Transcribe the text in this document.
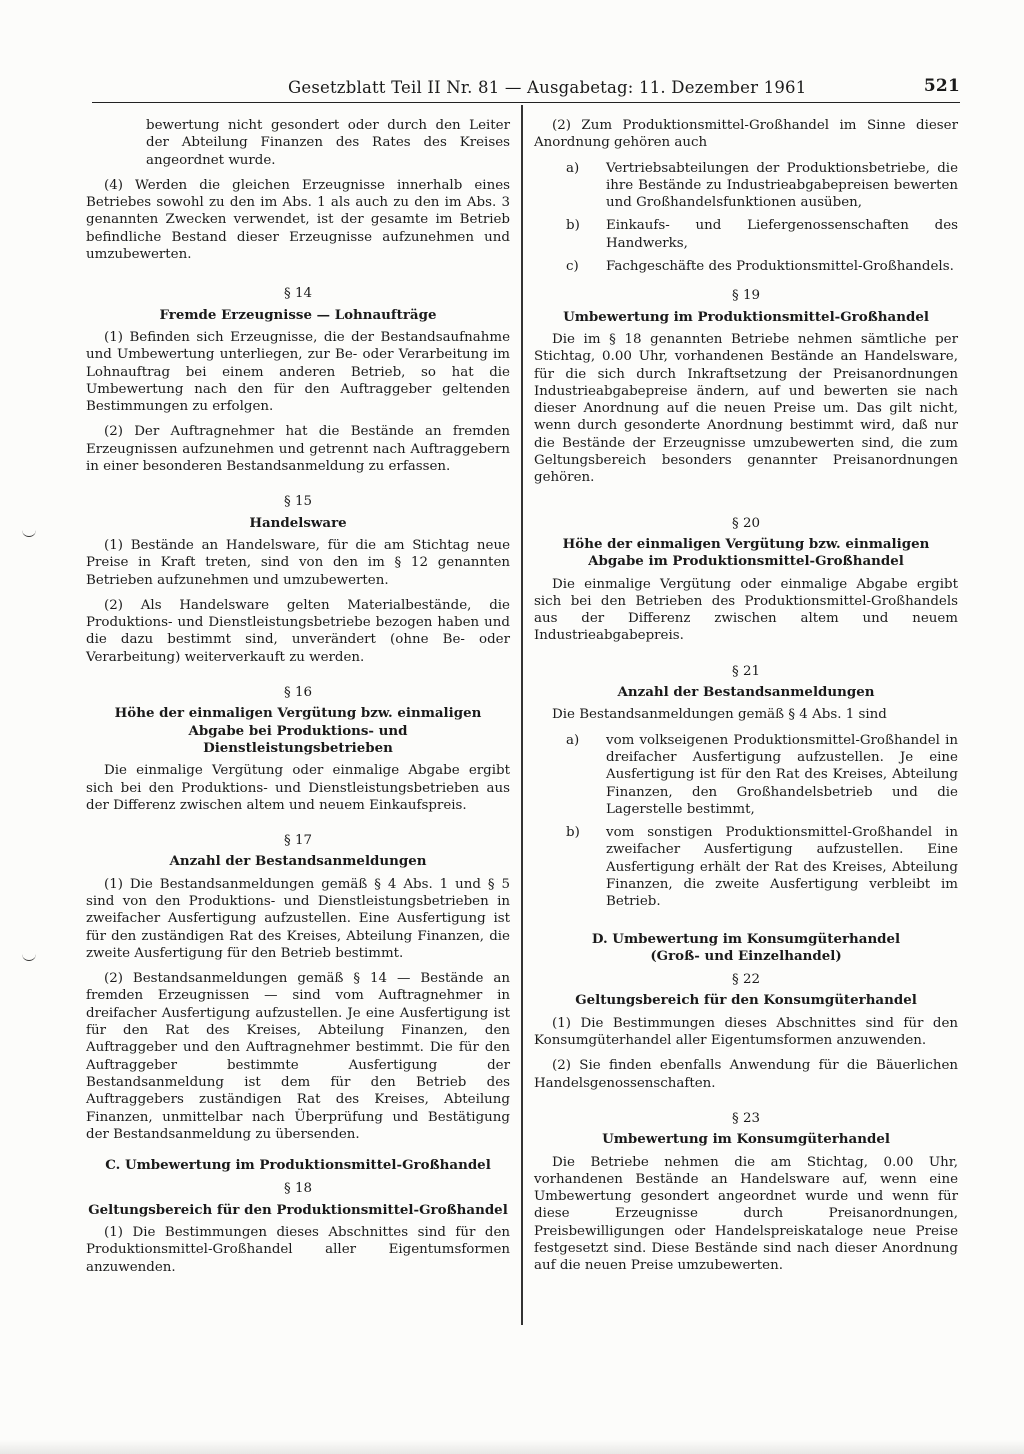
Gesetzblatt Teil II Nr. 81 — Ausgabetag: 11. Dezember 1961	521

bewertung nicht gesondert oder durch den Leiter der Abteilung Finanzen des Rates des Kreises angeordnet wurde.

(4) Werden die gleichen Erzeugnisse innerhalb eines Betriebes sowohl zu den im Abs. 1 als auch zu den im Abs. 3 genannten Zwecken verwendet, ist der gesamte im Betrieb befindliche Bestand dieser Erzeugnisse aufzunehmen und umzubewerten.

§ 14
Fremde Erzeugnisse — Lohnaufträge

(1) Befinden sich Erzeugnisse, die der Bestandsaufnahme und Umbewertung unterliegen, zur Be- oder Verarbeitung im Lohnauftrag bei einem anderen Betrieb, so hat die Umbewertung nach den für den Auftraggeber geltenden Bestimmungen zu erfolgen.

(2) Der Auftragnehmer hat die Bestände an fremden Erzeugnissen aufzunehmen und getrennt nach Auftraggebern in einer besonderen Bestandsanmeldung zu erfassen.

§ 15
Handelsware

(1) Bestände an Handelsware, für die am Stichtag neue Preise in Kraft treten, sind von den im § 12 genannten Betrieben aufzunehmen und umzubewerten.

(2) Als Handelsware gelten Materialbestände, die Produktions- und Dienstleistungsbetriebe bezogen haben und die dazu bestimmt sind, unverändert (ohne Be- oder Verarbeitung) weiterverkauft zu werden.

§ 16
Höhe der einmaligen Vergütung bzw. einmaligen Abgabe bei Produktions- und Dienstleistungsbetrieben

Die einmalige Vergütung oder einmalige Abgabe ergibt sich bei den Produktions- und Dienstleistungsbetrieben aus der Differenz zwischen altem und neuem Einkaufspreis.

§ 17
Anzahl der Bestandsanmeldungen

(1) Die Bestandsanmeldungen gemäß § 4 Abs. 1 und § 5 sind von den Produktions- und Dienstleistungsbetrieben in zweifacher Ausfertigung aufzustellen. Eine Ausfertigung ist für den zuständigen Rat des Kreises, Abteilung Finanzen, die zweite Ausfertigung für den Betrieb bestimmt.

(2) Bestandsanmeldungen gemäß § 14 — Bestände an fremden Erzeugnissen — sind vom Auftragnehmer in dreifacher Ausfertigung aufzustellen. Je eine Ausfertigung ist für den Rat des Kreises, Abteilung Finanzen, den Auftraggeber und den Auftragnehmer bestimmt. Die für den Auftraggeber bestimmte Ausfertigung der Bestandsanmeldung ist dem für den Betrieb des Auftraggebers zuständigen Rat des Kreises, Abteilung Finanzen, unmittelbar nach Überprüfung und Bestätigung der Bestandsanmeldung zu übersenden.

C. Umbewertung im Produktionsmittel-Großhandel
§ 18
Geltungsbereich für den Produktionsmittel-Großhandel

(1) Die Bestimmungen dieses Abschnittes sind für den Produktionsmittel-Großhandel aller Eigentumsformen anzuwenden.

(2) Zum Produktionsmittel-Großhandel im Sinne dieser Anordnung gehören auch

a)	Vertriebsabteilungen der Produktionsbetriebe, die ihre Bestände zu Industrieabgabepreisen bewerten und Großhandelsfunktionen ausüben,
b)	Einkaufs- und Liefergenossenschaften des Handwerks,
c)	Fachgeschäfte des Produktionsmittel-Großhandels.
§ 19
Umbewertung im Produktionsmittel-Großhandel

Die im § 18 genannten Betriebe nehmen sämtliche per Stichtag, 0.00 Uhr, vorhandenen Bestände an Handelsware, für die sich durch Inkraftsetzung der Preisanordnungen Industrieabgabepreise ändern, auf und bewerten sie nach dieser Anordnung auf die neuen Preise um. Das gilt nicht, wenn durch gesonderte Anordnung bestimmt wird, daß nur die Bestände der Erzeugnisse umzubewerten sind, die zum Geltungsbereich besonders genannter Preisanordnungen gehören.

§ 20
Höhe der einmaligen Vergütung bzw. einmaligen Abgabe im Produktionsmittel-Großhandel

Die einmalige Vergütung oder einmalige Abgabe ergibt sich bei den Betrieben des Produktionsmittel-Großhandels aus der Differenz zwischen altem und neuem Industrieabgabepreis.

§ 21
Anzahl der Bestandsanmeldungen

Die Bestandsanmeldungen gemäß § 4 Abs. 1 sind

a)	vom volkseigenen Produktionsmittel-Großhandel in dreifacher Ausfertigung aufzustellen. Je eine Ausfertigung ist für den Rat des Kreises, Abteilung Finanzen, den Großhandelsbetrieb und die Lagerstelle bestimmt,
b)	vom sonstigen Produktionsmittel-Großhandel in zweifacher Ausfertigung aufzustellen. Eine Ausfertigung erhält der Rat des Kreises, Abteilung Finanzen, die zweite Ausfertigung verbleibt im Betrieb.
D. Umbewertung im Konsumgüterhandel
(Groß- und Einzelhandel)
§ 22
Geltungsbereich für den Konsumgüterhandel

(1) Die Bestimmungen dieses Abschnittes sind für den Konsumgüterhandel aller Eigentumsformen anzuwenden.

(2) Sie finden ebenfalls Anwendung für die Bäuerlichen Handelsgenossenschaften.

§ 23
Umbewertung im Konsumgüterhandel

Die Betriebe nehmen die am Stichtag, 0.00 Uhr, vorhandenen Bestände an Handelsware auf, wenn eine Umbewertung gesondert angeordnet wurde und wenn für diese Erzeugnisse durch Preisanordnungen, Preisbewilligungen oder Handelspreiskataloge neue Preise festgesetzt sind. Diese Bestände sind nach dieser Anordnung auf die neuen Preise umzubewerten.
